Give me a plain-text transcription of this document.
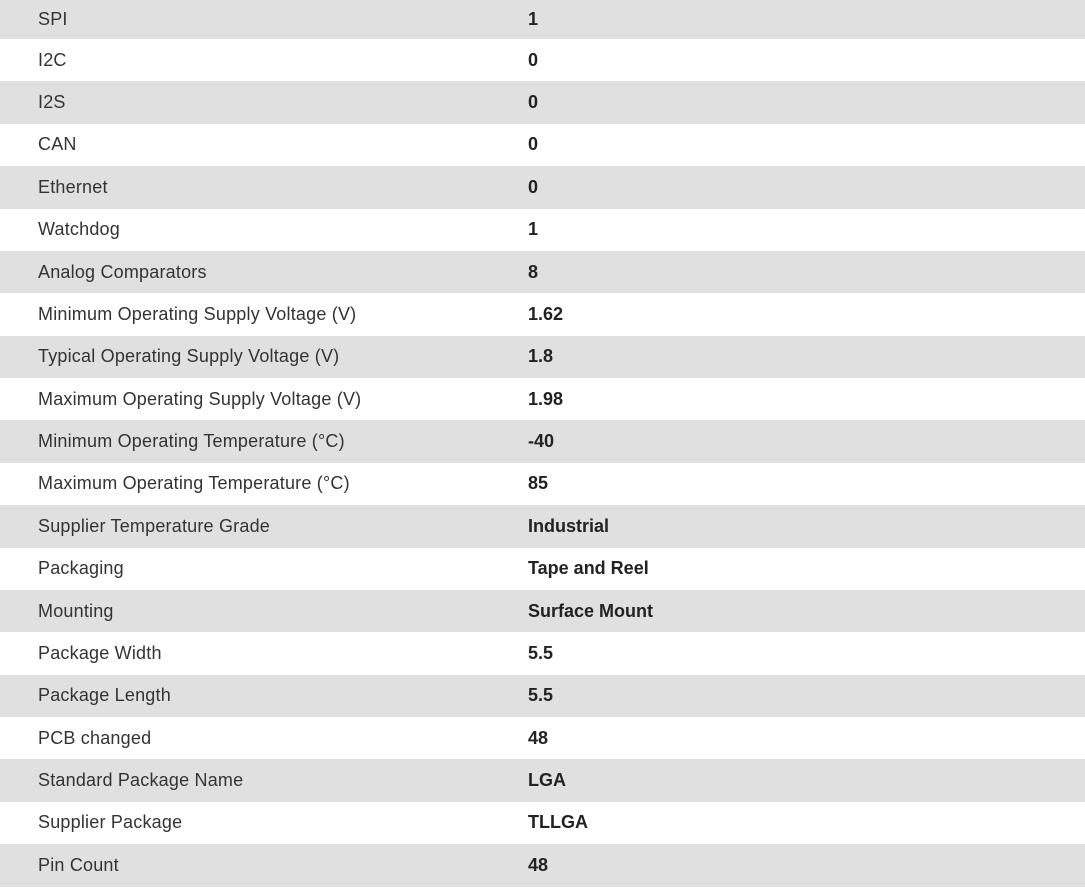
SPI	1
I2C	0
I2S	0
CAN	0
Ethernet	0
Watchdog	1
Analog Comparators	8
Minimum Operating Supply Voltage (V)	1.62
Typical Operating Supply Voltage (V)	1.8
Maximum Operating Supply Voltage (V)	1.98
Minimum Operating Temperature (°C)	-40
Maximum Operating Temperature (°C)	85
Supplier Temperature Grade	Industrial
Packaging	Tape and Reel
Mounting	Surface Mount
Package Width	5.5
Package Length	5.5
PCB changed	48
Standard Package Name	LGA
Supplier Package	TLLGA
Pin Count	48
